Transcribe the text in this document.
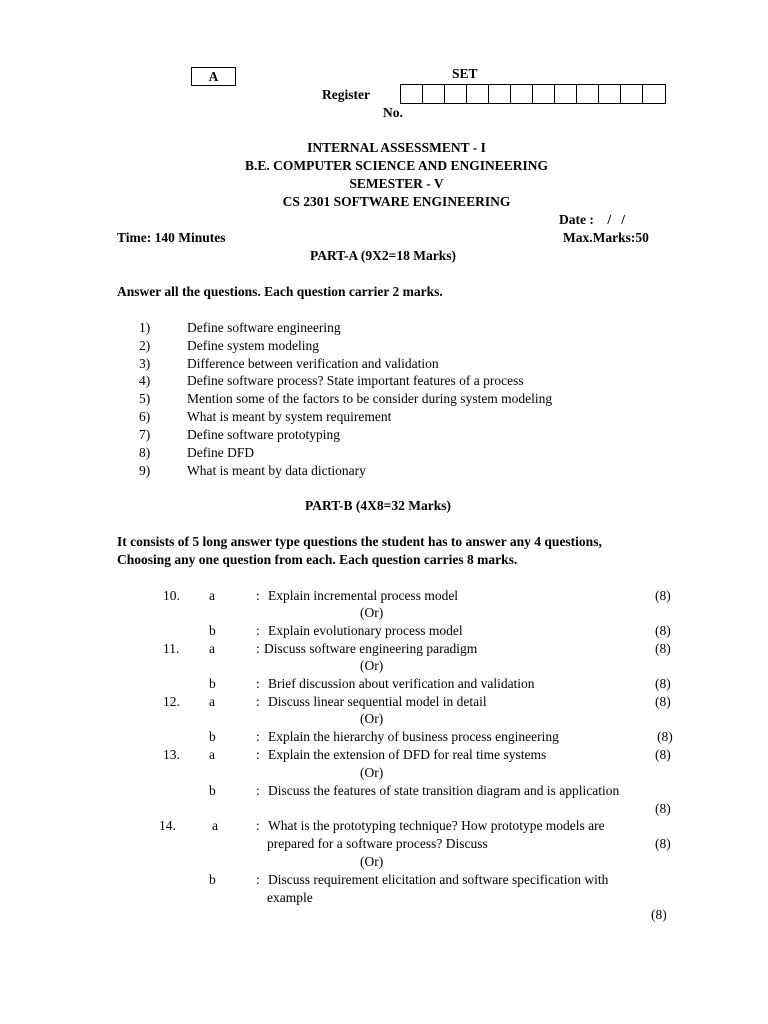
A	SET
Register
No.
INTERNAL ASSESSMENT - I
B.E. COMPUTER SCIENCE AND ENGINEERING
SEMESTER - V
CS 2301 SOFTWARE ENGINEERING
Date :    /   /
Time: 140 Minutes	Max.Marks:50
PART-A (9X2=18 Marks)
Answer all the questions. Each question carrier 2 marks.
1)	Define software engineering
2)	Define system modeling
3)	Difference between verification and validation
4)	Define software process? State important features of a process
5)	Mention some of the factors to be consider during system modeling
6)	What is meant by system requirement
7)	Define software prototyping
8)	Define DFD
9)	What is meant by data dictionary
PART-B (4X8=32 Marks)
It consists of 5 long answer type questions the student has to answer any 4 questions,
Choosing any one question from each. Each question carries 8 marks.
10. a	: Explain incremental process model	(8)
(Or)
b	: Explain evolutionary process model	(8)
11. a	: Discuss software engineering paradigm	(8)
(Or)
b	: Brief discussion about verification and validation	(8)
12. a	: Discuss linear sequential model in detail	(8)
(Or)
b	: Explain the hierarchy of business process engineering	(8)
13. a	: Explain the extension of DFD for real time systems	(8)
(Or)
b	: Discuss the features of state transition diagram and is application
(8)
14.	a	: What is the prototyping technique? How prototype models are
prepared for a software process? Discuss	(8)
(Or)
b	: Discuss requirement elicitation and software specification with
example
(8)
